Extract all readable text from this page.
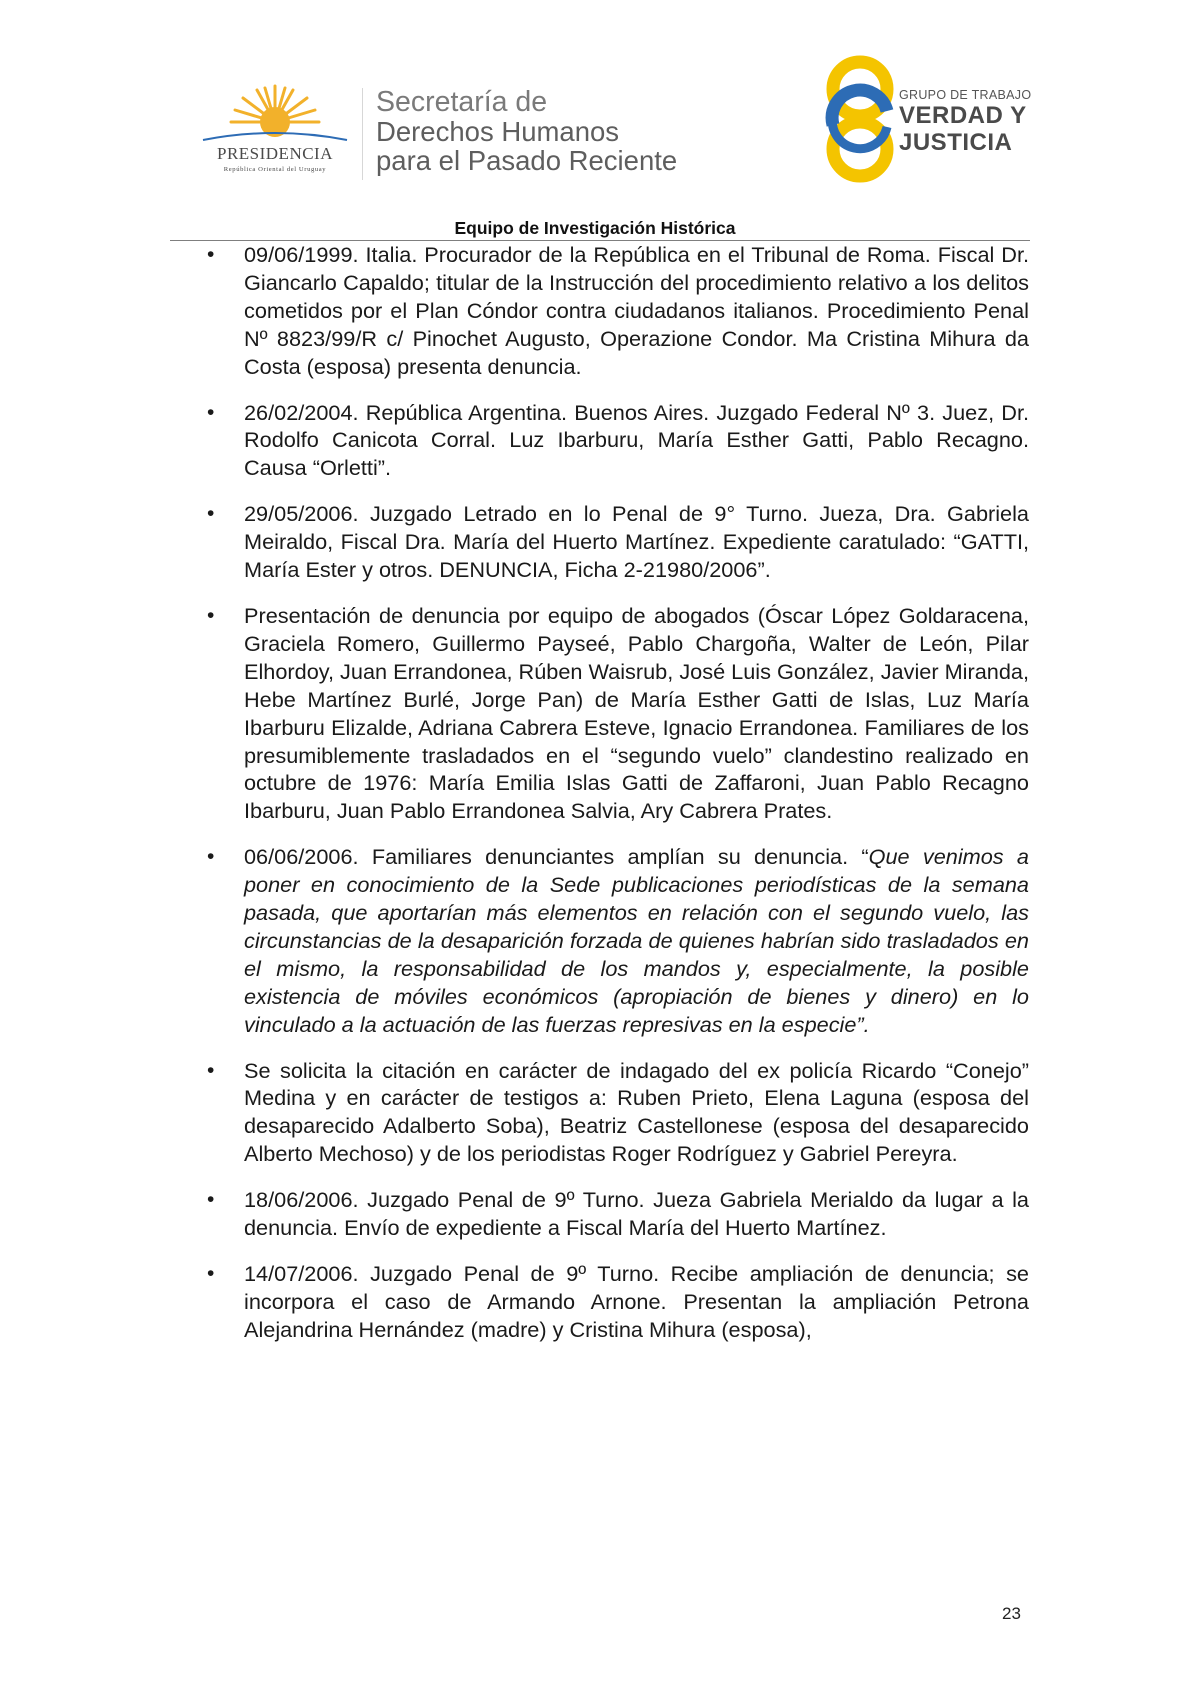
PRESIDENCIA
República Oriental del Uruguay
Secretaría de
Derechos Humanos
para el Pasado Reciente
GRUPO DE TRABAJO
VERDAD Y
JUSTICIA
Equipo de Investigación Histórica
• 09/06/1999. Italia. Procurador de la República en el Tribunal de Roma. Fiscal Dr. Giancarlo Capaldo; titular de la Instrucción del procedimiento relativo a los delitos cometidos por el Plan Cóndor contra ciudadanos italianos. Procedimiento Penal Nº 8823/99/R c/ Pinochet Augusto, Operazione Condor. Ma Cristina Mihura da Costa (esposa) presenta denuncia.

• 26/02/2004. República Argentina. Buenos Aires. Juzgado Federal Nº 3. Juez, Dr. Rodolfo Canicota Corral. Luz Ibarburu, María Esther Gatti, Pablo Recagno. Causa “Orletti”.

• 29/05/2006. Juzgado Letrado en lo Penal de 9° Turno. Jueza, Dra. Gabriela Meiraldo, Fiscal Dra. María del Huerto Martínez. Expediente caratulado: “GATTI, María Ester y otros. DENUNCIA, Ficha 2-21980/2006”.

• Presentación de denuncia por equipo de abogados (Óscar López Goldaracena, Graciela Romero, Guillermo Payseé, Pablo Chargoña, Walter de León, Pilar Elhordoy, Juan Errandonea, Rúben Waisrub, José Luis González, Javier Miranda, Hebe Martínez Burlé, Jorge Pan) de María Esther Gatti de Islas, Luz María Ibarburu Elizalde, Adriana Cabrera Esteve, Ignacio Errandonea. Familiares de los presumiblemente trasladados en el “segundo vuelo” clandestino realizado en octubre de 1976: María Emilia Islas Gatti de Zaffaroni, Juan Pablo Recagno Ibarburu, Juan Pablo Errandonea Salvia, Ary Cabrera Prates.

• 06/06/2006. Familiares denunciantes amplían su denuncia. “Que venimos a poner en conocimiento de la Sede publicaciones periodísticas de la semana pasada, que aportarían más elementos en relación con el segundo vuelo, las circunstancias de la desaparición forzada de quienes habrían sido trasladados en el mismo, la responsabilidad de los mandos y, especialmente, la posible existencia de móviles económicos (apropiación de bienes y dinero) en lo vinculado a la actuación de las fuerzas represivas en la especie”.

• Se solicita la citación en carácter de indagado del ex policía Ricardo “Conejo” Medina y en carácter de testigos a: Ruben Prieto, Elena Laguna (esposa del desaparecido Adalberto Soba), Beatriz Castellonese (esposa del desaparecido Alberto Mechoso) y de los periodistas Roger Rodríguez y Gabriel Pereyra.

• 18/06/2006. Juzgado Penal de 9º Turno. Jueza Gabriela Merialdo da lugar a la denuncia. Envío de expediente a Fiscal María del Huerto Martínez.

• 14/07/2006. Juzgado Penal de 9º Turno. Recibe ampliación de denuncia; se incorpora el caso de Armando Arnone. Presentan la ampliación Petrona Alejandrina Hernández (madre) y Cristina Mihura (esposa),

23
